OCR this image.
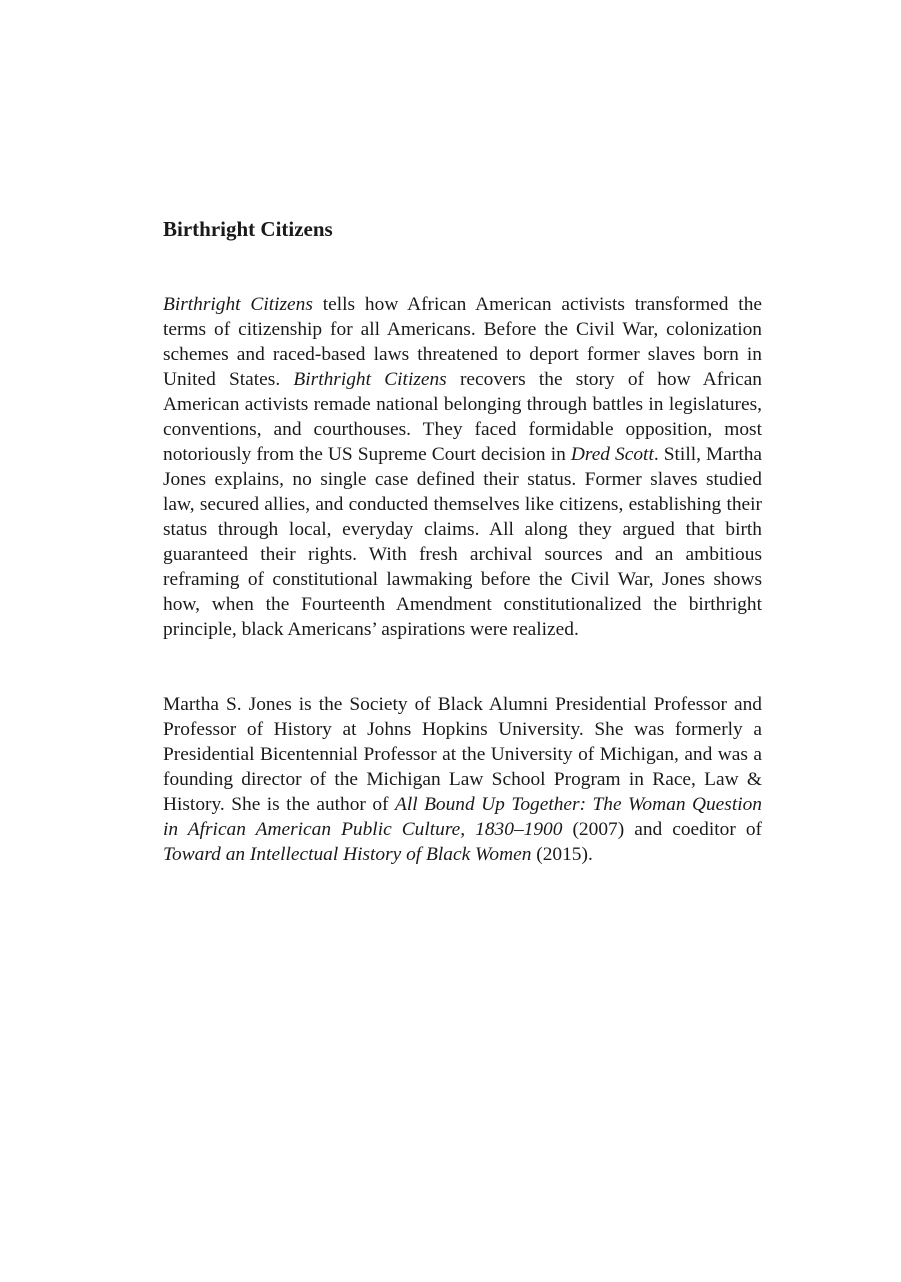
Birthright Citizens

Birthright Citizens tells how African American activists transformed the terms of citizenship for all Americans. Before the Civil War, colonization schemes and raced-based laws threatened to deport former slaves born in United States. Birthright Citizens recovers the story of how African American activists remade national belonging through battles in legislatures, conventions, and courthouses. They faced formidable opposition, most notoriously from the US Supreme Court decision in Dred Scott. Still, Martha Jones explains, no single case defined their status. Former slaves studied law, secured allies, and conducted themselves like citizens, establishing their status through local, everyday claims. All along they argued that birth guaranteed their rights. With fresh archival sources and an ambitious reframing of constitutional lawmaking before the Civil War, Jones shows how, when the Fourteenth Amendment constitutionalized the birthright principle, black Americans’ aspirations were realized.

Martha S. Jones is the Society of Black Alumni Presidential Professor and Professor of History at Johns Hopkins University. She was formerly a Presidential Bicentennial Professor at the University of Michigan, and was a founding director of the Michigan Law School Program in Race, Law & History. She is the author of All Bound Up Together: The Woman Question in African American Public Culture, 1830–1900 (2007) and coeditor of Toward an Intellectual History of Black Women (2015).
